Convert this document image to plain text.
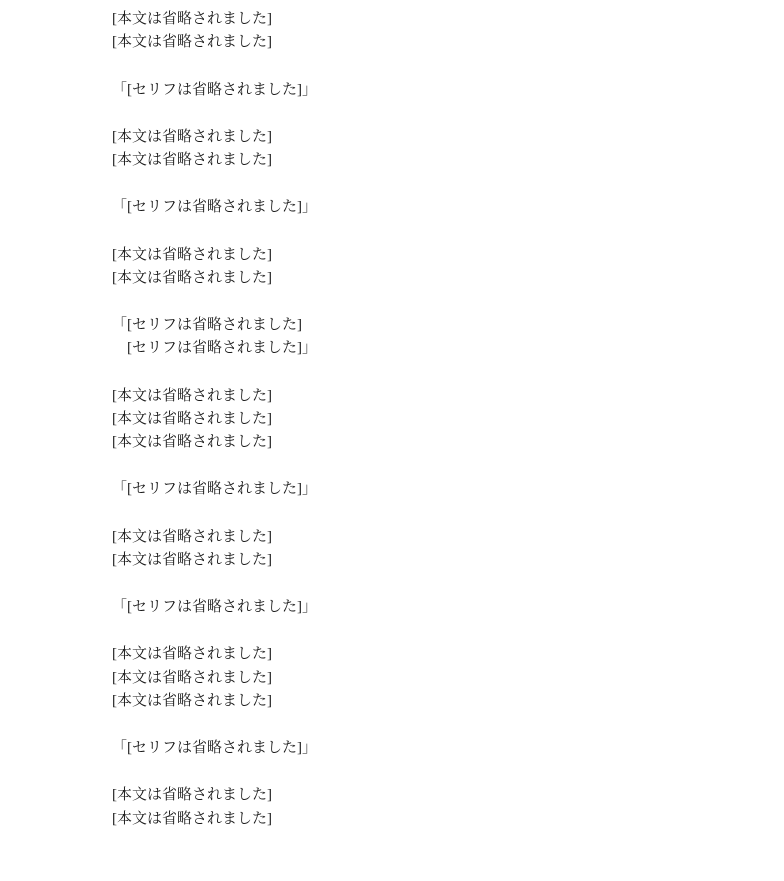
[本文は省略されました]
[本文は省略されました]
「[セリフは省略されました]」
[本文は省略されました]
[本文は省略されました]
「[セリフは省略されました]」
[本文は省略されました]
[本文は省略されました]
「[セリフは省略されました]
　[セリフは省略されました]」
[本文は省略されました]
[本文は省略されました]
[本文は省略されました]
「[セリフは省略されました]」
[本文は省略されました]
[本文は省略されました]
「[セリフは省略されました]」
[本文は省略されました]
[本文は省略されました]
[本文は省略されました]
「[セリフは省略されました]」
[本文は省略されました]
[本文は省略されました]
